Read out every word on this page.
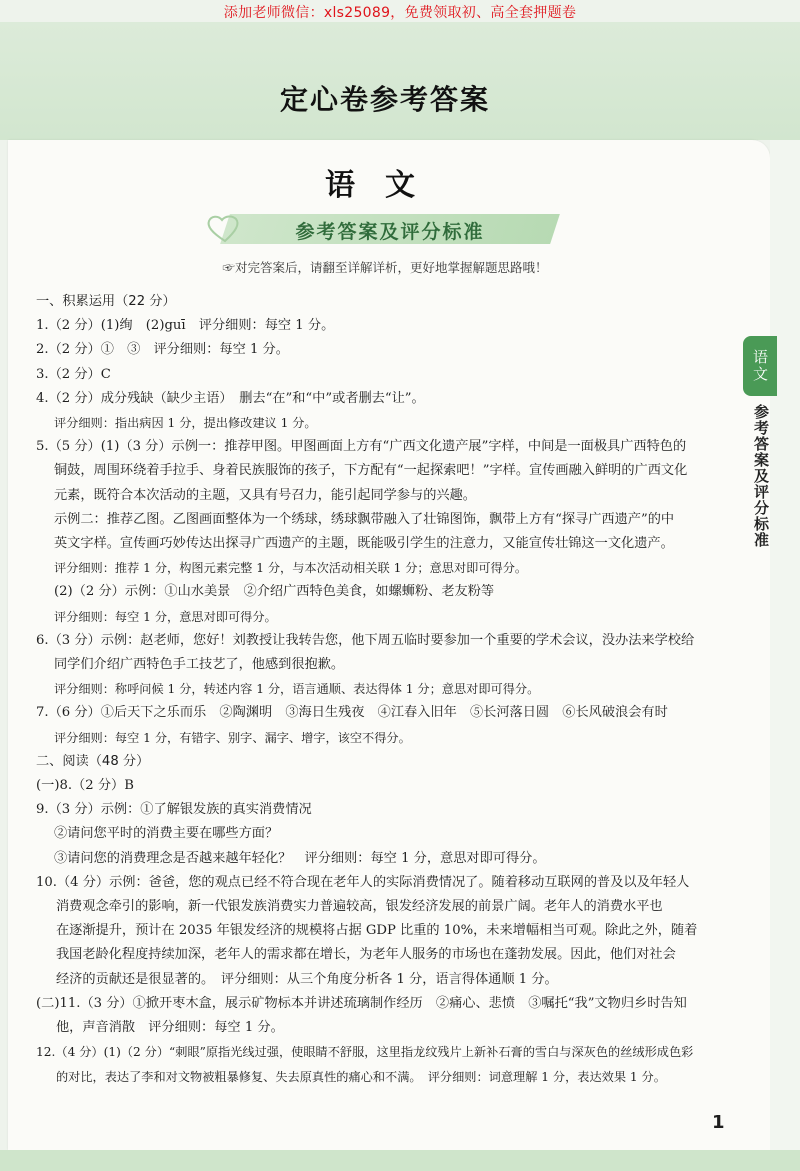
添加老师微信：xls25089，免费领取初、高全套押题卷
定心卷参考答案
语文
参考答案及评分标准
☞对完答案后，请翻至详解详析，更好地掌握解题思路哦！
语文
参考答案及评分标准
一、积累运用（22 分）
1.（2 分）(1)绚　(2)guī　评分细则：每空 1 分。
2.（2 分）①　③　评分细则：每空 1 分。
3.（2 分）C
4.（2 分）成分残缺（缺少主语）　删去“在”和“中”或者删去“让”。
评分细则：指出病因 1 分，提出修改建议 1 分。
5.（5 分）(1)（3 分）示例一：推荐甲图。甲图画面上方有“广西文化遗产展”字样，中间是一面极具广西特色的
铜鼓，周围环绕着手拉手、身着民族服饰的孩子，下方配有“一起探索吧！”字样。宣传画融入鲜明的广西文化
元素，既符合本次活动的主题，又具有号召力，能引起同学参与的兴趣。
示例二：推荐乙图。乙图画面整体为一个绣球，绣球飘带融入了壮锦图饰，飘带上方有“探寻广西遗产”的中
英文字样。宣传画巧妙传达出探寻广西遗产的主题，既能吸引学生的注意力，又能宣传壮锦这一文化遗产。
评分细则：推荐 1 分，构图元素完整 1 分，与本次活动相关联 1 分；意思对即可得分。
(2)（2 分）示例：①山水美景　②介绍广西特色美食，如螺蛳粉、老友粉等
评分细则：每空 1 分，意思对即可得分。
6.（3 分）示例：赵老师，您好！刘教授让我转告您，他下周五临时要参加一个重要的学术会议，没办法来学校给
同学们介绍广西特色手工技艺了，他感到很抱歉。
评分细则：称呼问候 1 分，转述内容 1 分，语言通顺、表达得体 1 分；意思对即可得分。
7.（6 分）①后天下之乐而乐　②陶渊明　③海日生残夜　④江春入旧年　⑤长河落日圆　⑥长风破浪会有时
评分细则：每空 1 分，有错字、别字、漏字、增字，该空不得分。
二、阅读（48 分）
(一)8.（2 分）B
9.（3 分）示例：①了解银发族的真实消费情况
②请问您平时的消费主要在哪些方面？
③请问您的消费理念是否越来越年轻化？　评分细则：每空 1 分，意思对即可得分。
10.（4 分）示例：爸爸，您的观点已经不符合现在老年人的实际消费情况了。随着移动互联网的普及以及年轻人
消费观念牵引的影响，新一代银发族消费实力普遍较高，银发经济发展的前景广阔。老年人的消费水平也
在逐渐提升，预计在 2035 年银发经济的规模将占据 GDP 比重的 10%，未来增幅相当可观。除此之外，随着
我国老龄化程度持续加深，老年人的需求都在增长，为老年人服务的市场也在蓬勃发展。因此，他们对社会
经济的贡献还是很显著的。　评分细则：从三个角度分析各 1 分，语言得体通顺 1 分。
(二)11.（3 分）①掀开枣木盒，展示矿物标本并讲述琉璃制作经历　②痛心、悲愤　③嘱托“我”文物归乡时告知
他，声音消散　评分细则：每空 1 分。
12.（4 分）(1)（2 分）“刺眼”原指光线过强，使眼睛不舒服，这里指龙纹残片上新补石膏的雪白与深灰色的丝绒形成色彩
的对比，表达了李和对文物被粗暴修复、失去原真性的痛心和不满。　评分细则：词意理解 1 分，表达效果 1 分。
1
